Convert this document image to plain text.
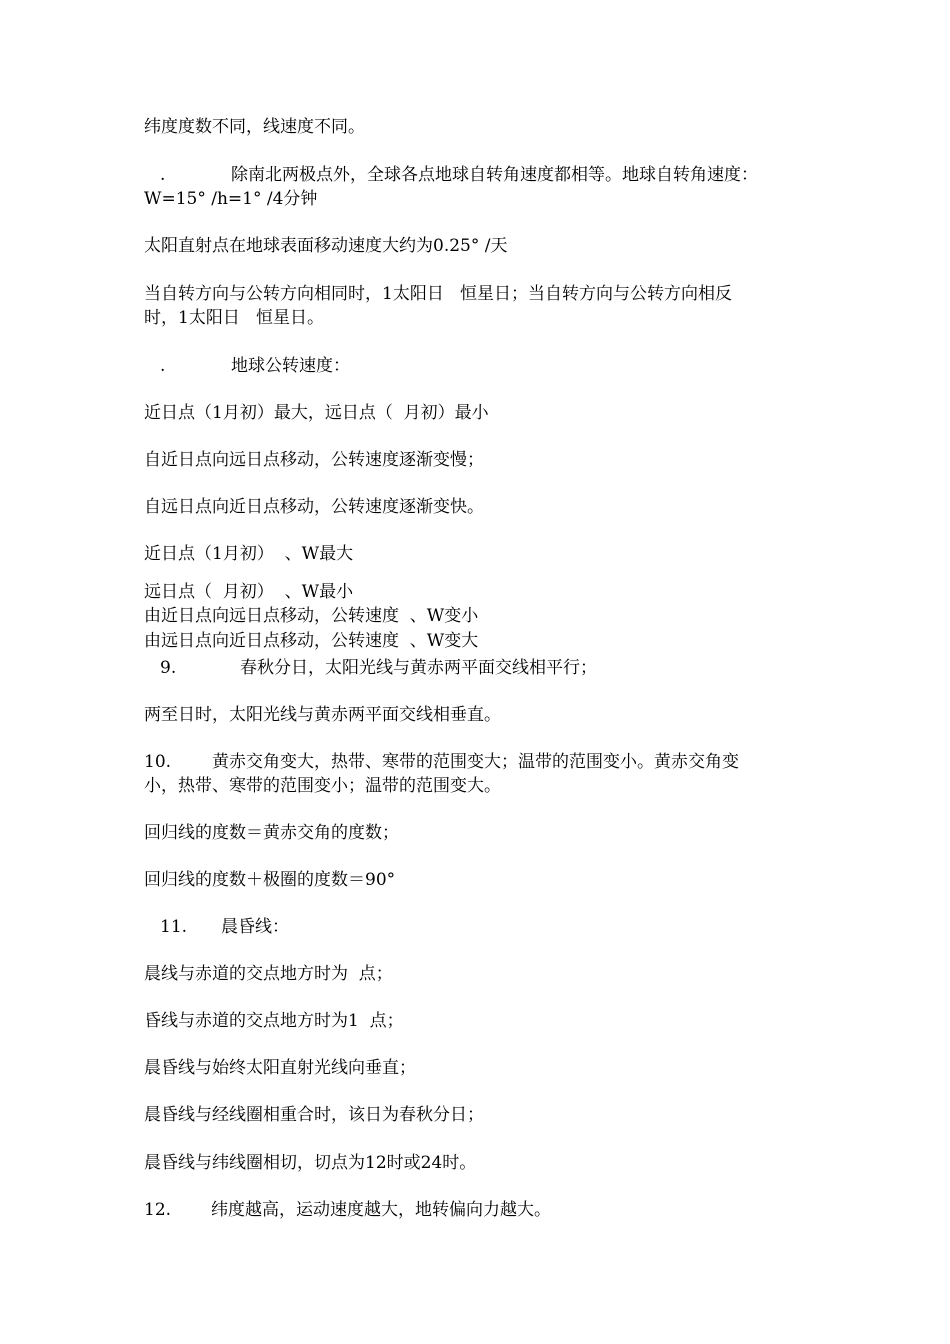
纬度度数不同，线速度不同。
.	除南北两极点外，全球各点地球自转角速度都相等。地球自转角速度：
W=15° /h=1° /4分钟
太阳直射点在地球表面移动速度大约为0.25° /天
当自转方向与公转方向相同时，1太阳日   恒星日；当自转方向与公转方向相反
时，1太阳日   恒星日。
.	地球公转速度：
近日点（1月初）最大，远日点（  月初）最小
自近日点向远日点移动，公转速度逐渐变慢；
自远日点向近日点移动，公转速度逐渐变快。
近日点（1月初）  、W最大
远日点（  月初）  、W最小
由近日点向远日点移动，公转速度  、W变小
由远日点向近日点移动，公转速度  、W变大
9.	春秋分日，太阳光线与黄赤两平面交线相平行；
两至日时，太阳光线与黄赤两平面交线相垂直。
10. 黄赤交角变大，热带、寒带的范围变大；温带的范围变小。黄赤交角变
小，热带、寒带的范围变小；温带的范围变大。
回归线的度数＝黄赤交角的度数；
回归线的度数＋极圈的度数＝90°
11. 晨昏线：
晨线与赤道的交点地方时为  点；
昏线与赤道的交点地方时为1  点；
晨昏线与始终太阳直射光线向垂直；
晨昏线与经线圈相重合时，该日为春秋分日；
晨昏线与纬线圈相切，切点为12时或24时。
12. 纬度越高，运动速度越大，地转偏向力越大。
